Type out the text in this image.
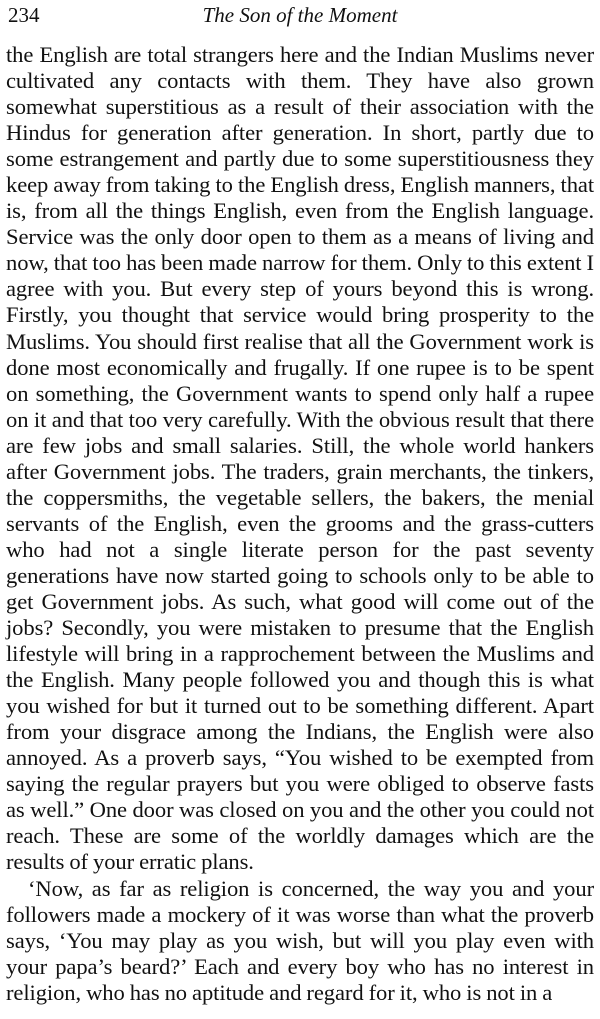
234	The Son of the Moment

the English are total strangers here and the Indian Muslims never cultivated any contacts with them. They have also grown somewhat superstitious as a result of their association with the Hindus for generation after generation. In short, partly due to some estrangement and partly due to some superstitiousness they keep away from taking to the English dress, English manners, that is, from all the things English, even from the English language. Service was the only door open to them as a means of living and now, that too has been made narrow for them. Only to this extent I agree with you. But every step of yours beyond this is wrong. Firstly, you thought that service would bring prosperity to the Muslims. You should first realise that all the Government work is done most economically and frugally. If one rupee is to be spent on something, the Government wants to spend only half a rupee on it and that too very carefully. With the obvious result that there are few jobs and small salaries. Still, the whole world hankers after Government jobs. The traders, grain merchants, the tinkers, the coppersmiths, the vegetable sellers, the bakers, the menial servants of the English, even the grooms and the grass-cutters who had not a single literate person for the past seventy generations have now started going to schools only to be able to get Government jobs. As such, what good will come out of the jobs? Secondly, you were mistaken to presume that the English lifestyle will bring in a rapprochement between the Muslims and the English. Many people followed you and though this is what you wished for but it turned out to be something different. Apart from your disgrace among the Indians, the English were also annoyed. As a proverb says, “You wished to be exempted from saying the regular prayers but you were obliged to observe fasts as well.” One door was closed on you and the other you could not reach. These are some of the worldly damages which are the results of your erratic plans.

‘Now, as far as religion is concerned, the way you and your followers made a mockery of it was worse than what the proverb says, ‘You may play as you wish, but will you play even with your papa’s beard?’ Each and every boy who has no interest in religion, who has no aptitude and regard for it, who is not in a
